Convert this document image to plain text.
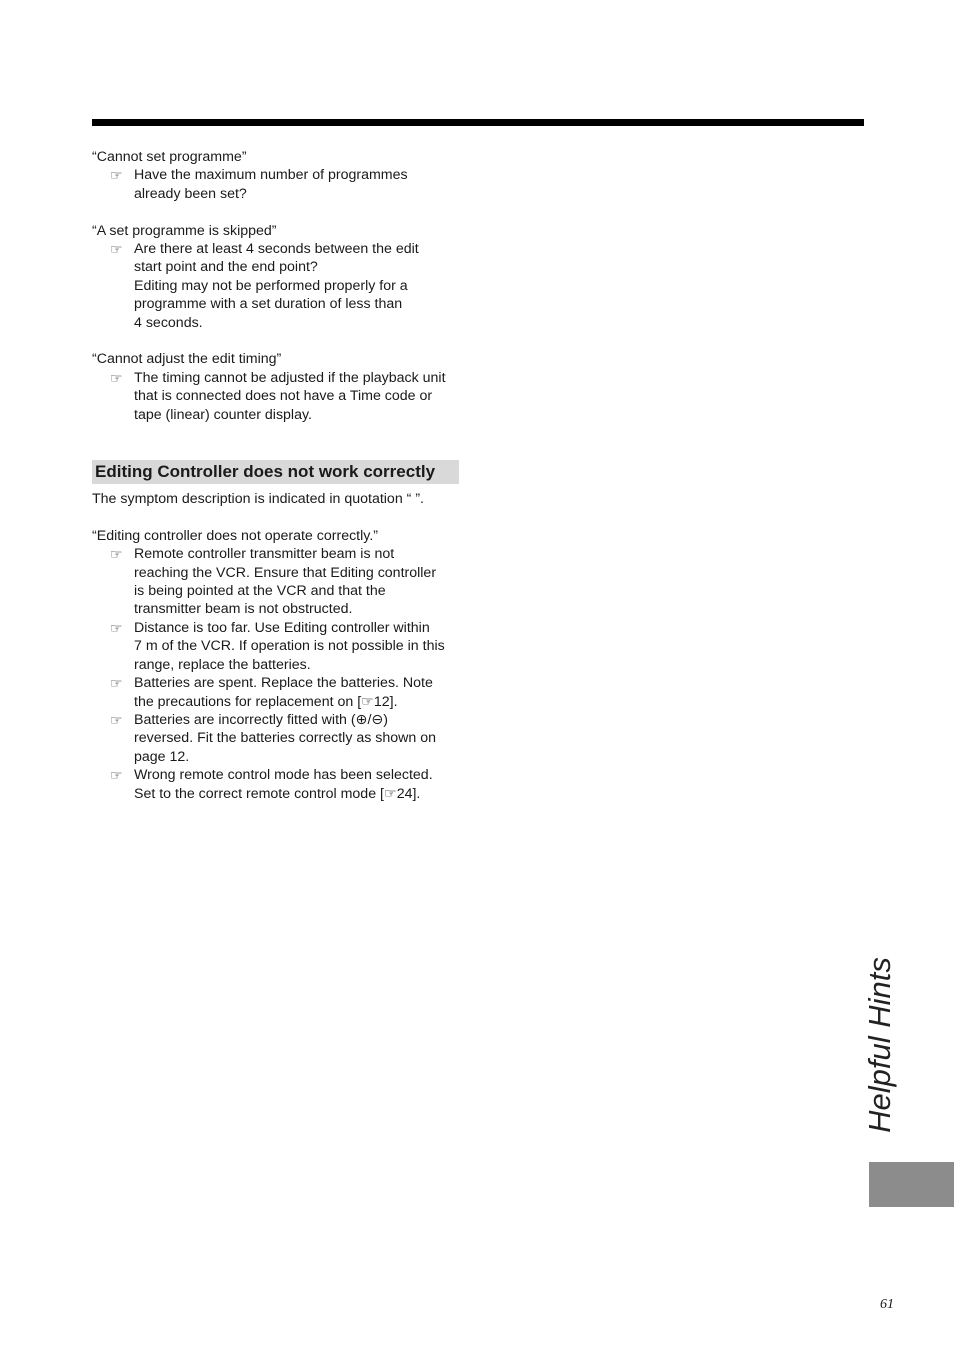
“Cannot set programme”

☞ Have the maximum number of programmes
already been set?

“A set programme is skipped”

☞ Are there at least 4 seconds between the edit
start point and the end point?
Editing may not be performed properly for a
programme with a set duration of less than
4 seconds.

“Cannot adjust the edit timing”

☞ The timing cannot be adjusted if the playback unit
that is connected does not have a Time code or
tape (linear) counter display.
Editing Controller does not work correctly

The symptom description is indicated in quotation “ ”.

“Editing controller does not operate correctly.”

☞ Remote controller transmitter beam is not
reaching the VCR. Ensure that Editing controller
is being pointed at the VCR and that the
transmitter beam is not obstructed.
☞ Distance is too far. Use Editing controller within
7 m of the VCR. If operation is not possible in this
range, replace the batteries.
☞ Batteries are spent. Replace the batteries. Note
the precautions for replacement on [☞12].
☞ Batteries are incorrectly fitted with (⊕/⊖)
reversed. Fit the batteries correctly as shown on
page 12.
☞ Wrong remote control mode has been selected.
Set to the correct remote control mode [☞24].
Helpful Hints
61
